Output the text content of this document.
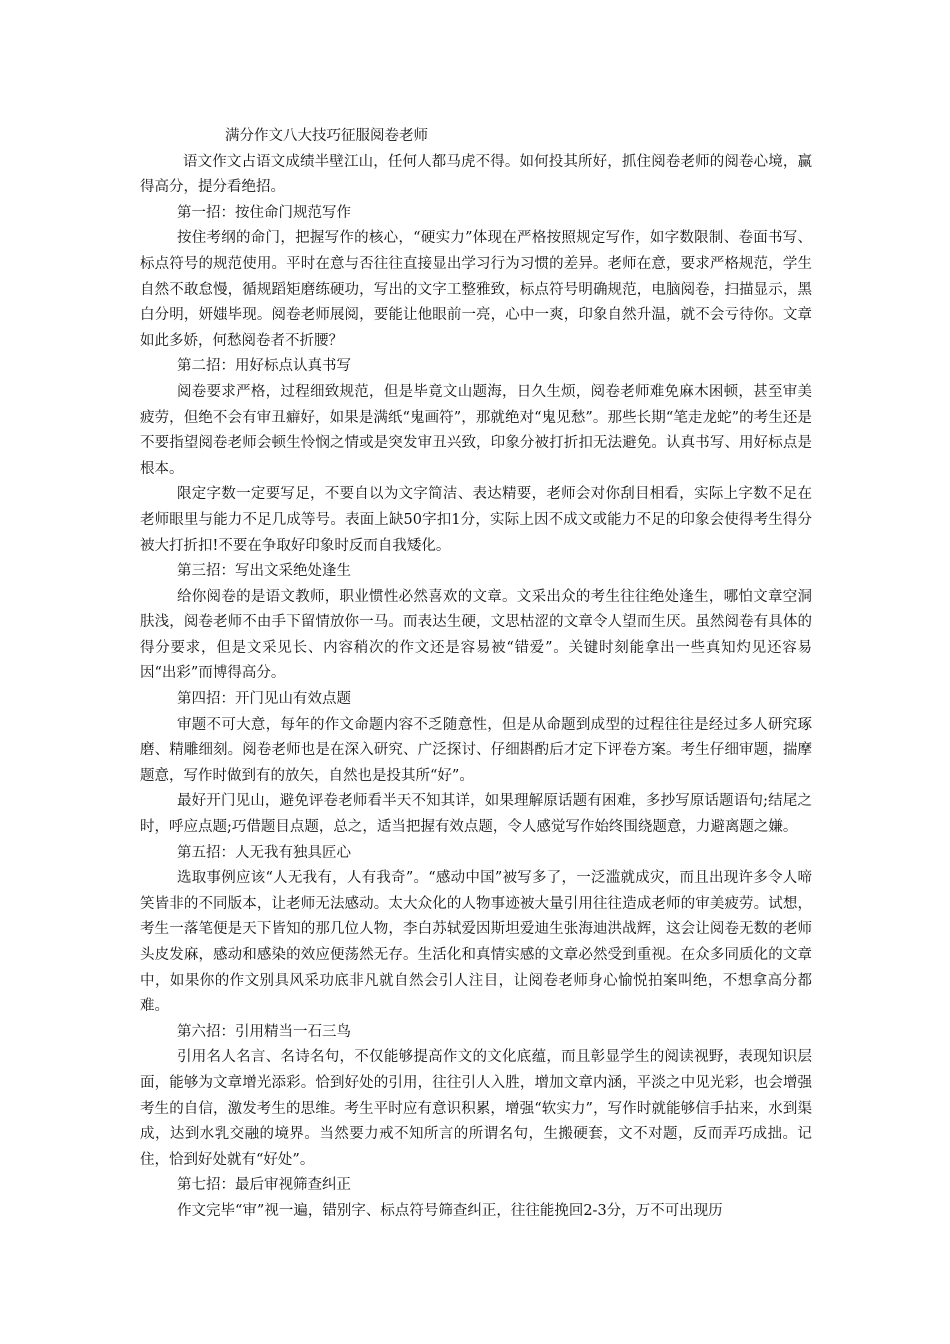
满分作文八大技巧征服阅卷老师

语文作文占语文成绩半壁江山，任何人都马虎不得。如何投其所好，抓住阅卷老师的阅卷心境，赢得高分，提分看绝招。

第一招：按住命门规范写作

按住考纲的命门，把握写作的核心，“硬实力”体现在严格按照规定写作，如字数限制、卷面书写、标点符号的规范使用。平时在意与否往往直接显出学习行为习惯的差异。老师在意，要求严格规范，学生自然不敢怠慢，循规蹈矩磨练硬功，写出的文字工整雅致，标点符号明确规范，电脑阅卷，扫描显示，黑白分明，妍媸毕现。阅卷老师展阅，要能让他眼前一亮，心中一爽，印象自然升温，就不会亏待你。文章如此多娇，何愁阅卷者不折腰？

第二招：用好标点认真书写

阅卷要求严格，过程细致规范，但是毕竟文山题海，日久生烦，阅卷老师难免麻木困顿，甚至审美疲劳，但绝不会有审丑癖好，如果是满纸“鬼画符”，那就绝对“鬼见愁”。那些长期“笔走龙蛇”的考生还是不要指望阅卷老师会顿生怜悯之情或是突发审丑兴致，印象分被打折扣无法避免。认真书写、用好标点是根本。

限定字数一定要写足，不要自以为文字简洁、表达精要，老师会对你刮目相看，实际上字数不足在老师眼里与能力不足几成等号。表面上缺50字扣1分，实际上因不成文或能力不足的印象会使得考生得分被大打折扣!不要在争取好印象时反而自我矮化。

第三招：写出文采绝处逢生

给你阅卷的是语文教师，职业惯性必然喜欢的文章。文采出众的考生往往绝处逢生，哪怕文章空洞肤浅，阅卷老师不由手下留情放你一马。而表达生硬，文思枯涩的文章令人望而生厌。虽然阅卷有具体的得分要求，但是文采见长、内容稍次的作文还是容易被“错爱”。关键时刻能拿出一些真知灼见还容易因“出彩”而博得高分。

第四招：开门见山有效点题

审题不可大意，每年的作文命题内容不乏随意性，但是从命题到成型的过程往往是经过多人研究琢磨、精雕细刻。阅卷老师也是在深入研究、广泛探讨、仔细斟酌后才定下评卷方案。考生仔细审题，揣摩题意，写作时做到有的放矢，自然也是投其所“好”。

最好开门见山，避免评卷老师看半天不知其详，如果理解原话题有困难，多抄写原话题语句;结尾之时，呼应点题;巧借题目点题，总之，适当把握有效点题，令人感觉写作始终围绕题意，力避离题之嫌。

第五招：人无我有独具匠心

选取事例应该“人无我有，人有我奇”。“感动中国”被写多了，一泛滥就成灾，而且出现许多令人啼笑皆非的不同版本，让老师无法感动。太大众化的人物事迹被大量引用往往造成老师的审美疲劳。试想，考生一落笔便是天下皆知的那几位人物，李白苏轼爱因斯坦爱迪生张海迪洪战辉，这会让阅卷无数的老师头皮发麻，感动和感染的效应便荡然无存。生活化和真情实感的文章必然受到重视。在众多同质化的文章中，如果你的作文别具风采功底非凡就自然会引人注目，让阅卷老师身心愉悦拍案叫绝，不想拿高分都难。

第六招：引用精当一石三鸟

引用名人名言、名诗名句，不仅能够提高作文的文化底蕴，而且彰显学生的阅读视野，表现知识层面，能够为文章增光添彩。恰到好处的引用，往往引人入胜，增加文章内涵，平淡之中见光彩，也会增强考生的自信，激发考生的思维。考生平时应有意识积累，增强“软实力”，写作时就能够信手拈来，水到渠成，达到水乳交融的境界。当然要力戒不知所言的所谓名句，生搬硬套，文不对题，反而弄巧成拙。记住，恰到好处就有“好处”。

第七招：最后审视筛查纠正

作文完毕“审”视一遍，错别字、标点符号筛查纠正，往往能挽回2-3分，万不可出现历
